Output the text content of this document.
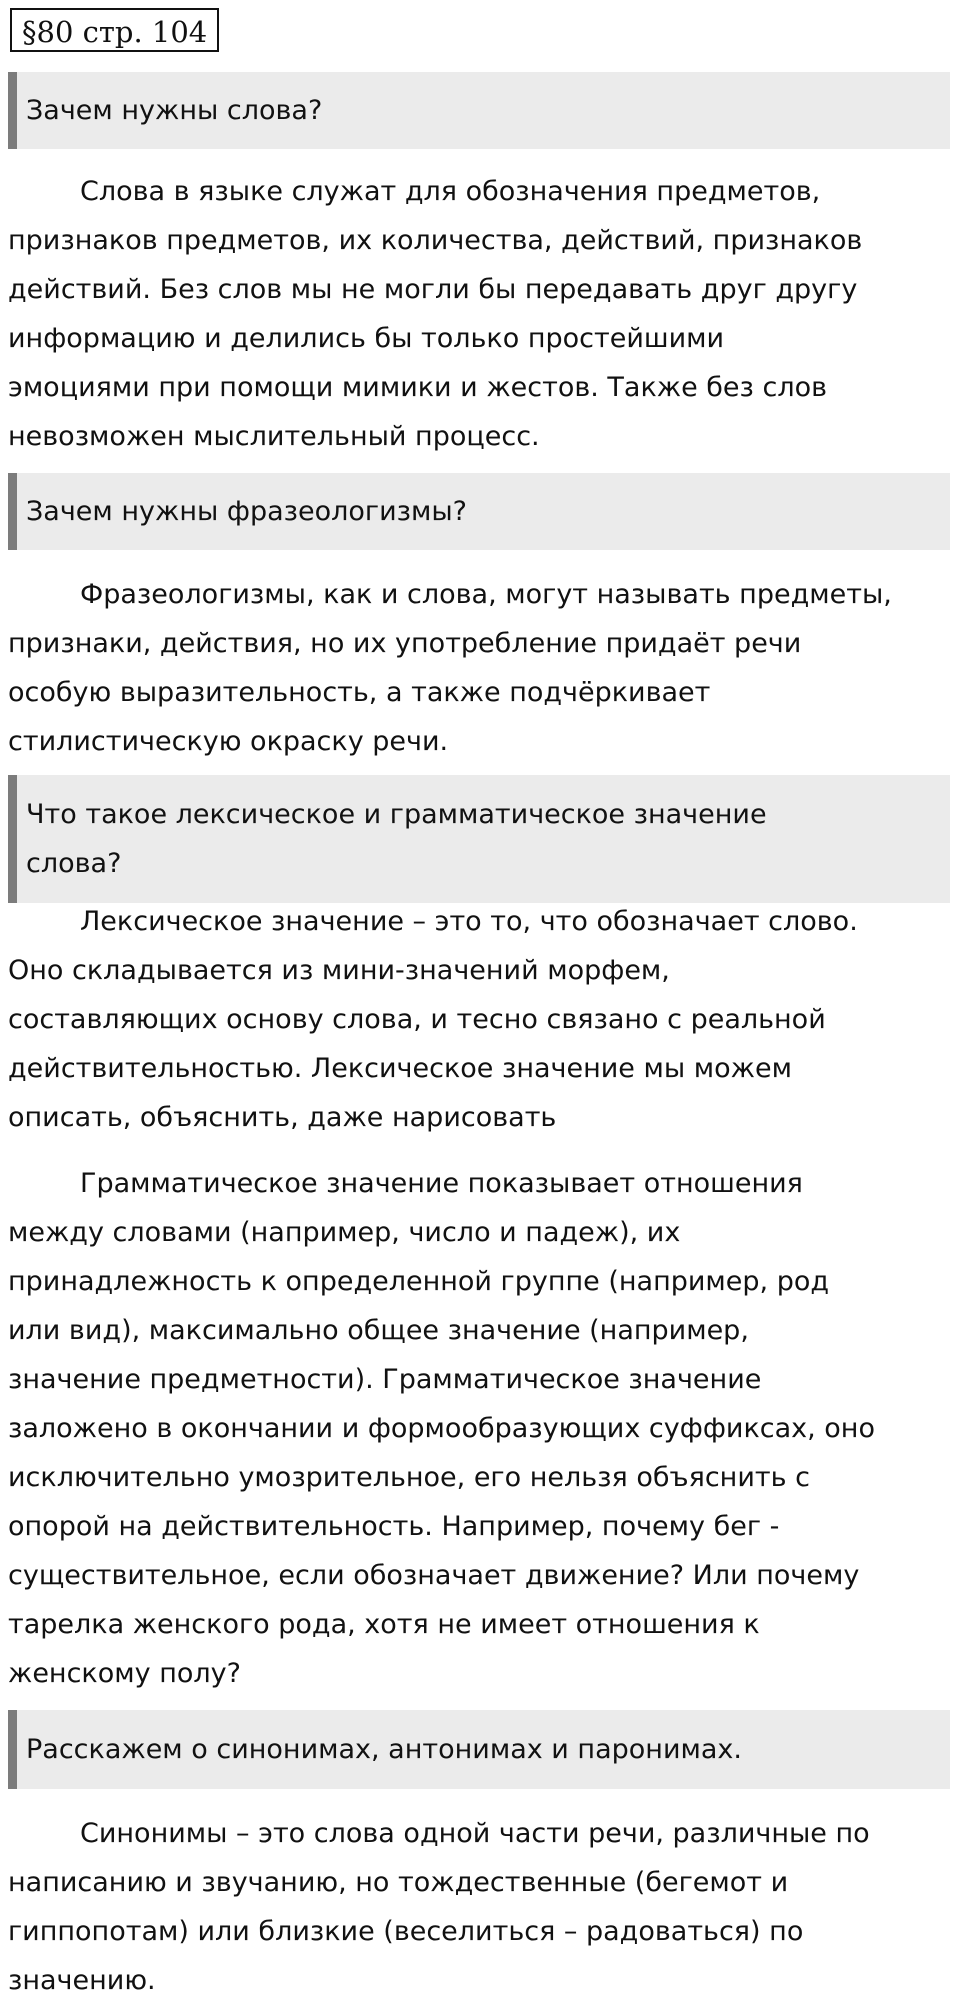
§80 стр. 104
Зачем нужны слова?
Слова в языке служат для обозначения предметов,
признаков предметов, их количества, действий, признаков
действий. Без слов мы не могли бы передавать друг другу
информацию и делились бы только простейшими
эмоциями при помощи мимики и жестов. Также без слов
невозможен мыслительный процесс.
Зачем нужны фразеологизмы?
Фразеологизмы, как и слова, могут называть предметы,
признаки, действия, но их употребление придаёт речи
особую выразительность, а также подчёркивает
стилистическую окраску речи.
Что такое лексическое и грамматическое значение
слова?
Лексическое значение – это то, что обозначает слово.
Оно складывается из мини-значений морфем,
составляющих основу слова, и тесно связано с реальной
действительностью. Лексическое значение мы можем
описать, объяснить, даже нарисовать
Грамматическое значение показывает отношения
между словами (например, число и падеж), их
принадлежность к определенной группе (например, род
или вид), максимально общее значение (например,
значение предметности). Грамматическое значение
заложено в окончании и формообразующих суффиксах, оно
исключительно умозрительное, его нельзя объяснить с
опорой на действительность. Например, почему бег -
существительное, если обозначает движение? Или почему
тарелка женского рода, хотя не имеет отношения к
женскому полу?
Расскажем о синонимах, антонимах и паронимах.
Синонимы – это слова одной части речи, различные по
написанию и звучанию, но тождественные (бегемот и
гиппопотам) или близкие (веселиться – радоваться) по
значению.
